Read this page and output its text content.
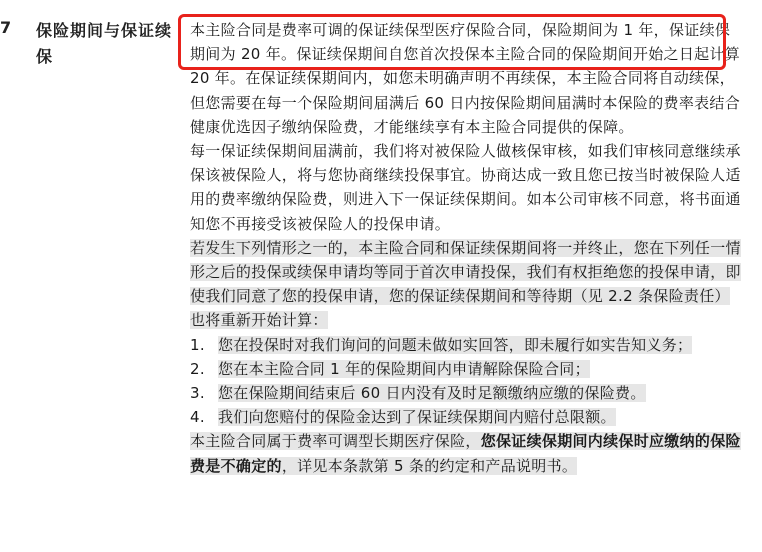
7 保险期间与保证续保

本主险合同是费率可调的保证续保型医疗保险合同，保险期间为 1 年，保证续保期间为 20 年。保证续保期间自您首次投保本主险合同的保险期间开始之日起计算 20 年。在保证续保期间内，如您未明确声明不再续保，本主险合同将自动续保，但您需要在每一个保险期间届满后 60 日内按保险期间届满时本保险的费率表结合健康优选因子缴纳保险费，才能继续享有本主险合同提供的保障。

每一保证续保期间届满前，我们将对被保险人做核保审核，如我们审核同意继续承保该被保险人，将与您协商继续投保事宜。协商达成一致且您已按当时被保险人适用的费率缴纳保险费，则进入下一保证续保期间。如本公司审核不同意，将书面通知您不再接受该被保险人的投保申请。

若发生下列情形之一的，本主险合同和保证续保期间将一并终止，您在下列任一情形之后的投保或续保申请均等同于首次申请投保，我们有权拒绝您的投保申请，即使我们同意了您的投保申请，您的保证续保期间和等待期（见 2.2 条保险责任）也将重新开始计算：

1. 您在投保时对我们询问的问题未做如实回答，即未履行如实告知义务；
2. 您在本主险合同 1 年的保险期间内申请解除保险合同；
3. 您在保险期间结束后 60 日内没有及时足额缴纳应缴的保险费。
4. 我们向您赔付的保险金达到了保证续保期间内赔付总限额。

本主险合同属于费率可调型长期医疗保险，您保证续保期间内续保时应缴纳的保险费是不确定的，详见本条款第 5 条的约定和产品说明书。
